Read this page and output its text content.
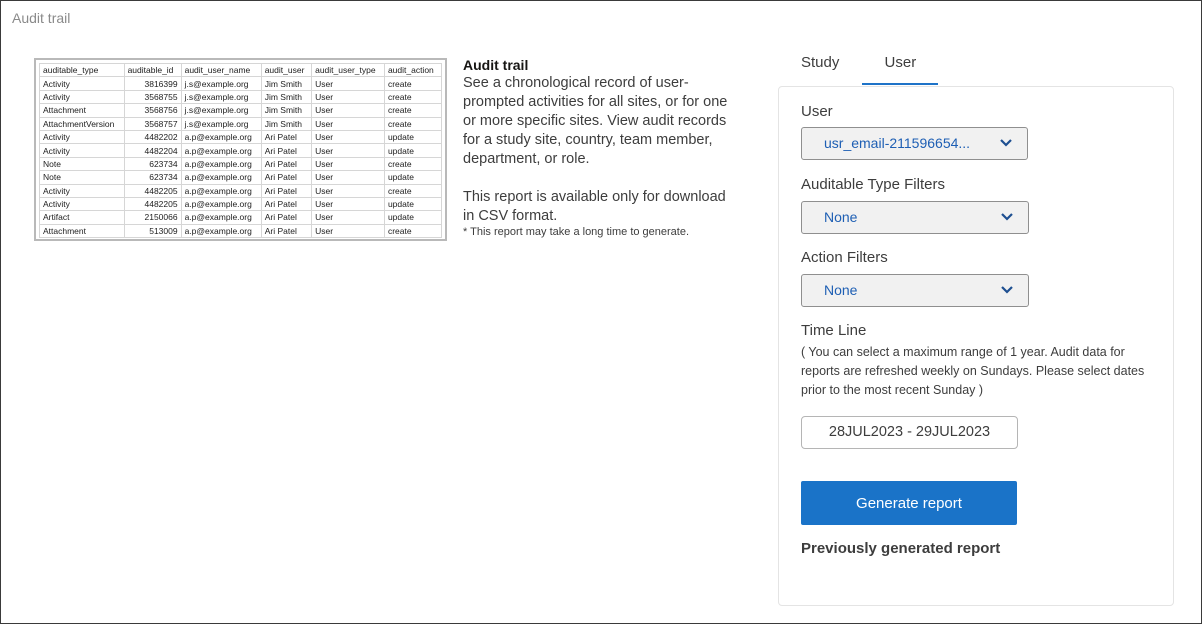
Audit trail
auditable_type	auditable_id	audit_user_name	audit_user	audit_user_type	audit_action
Activity	3816399	j.s@example.org	Jim Smith	User	create
Activity	3568755	j.s@example.org	Jim Smith	User	create
Attachment	3568756	j.s@example.org	Jim Smith	User	create
AttachmentVersion	3568757	j.s@example.org	Jim Smith	User	create
Activity	4482202	a.p@example.org	Ari Patel	User	update
Activity	4482204	a.p@example.org	Ari Patel	User	update
Note	623734	a.p@example.org	Ari Patel	User	create
Note	623734	a.p@example.org	Ari Patel	User	update
Activity	4482205	a.p@example.org	Ari Patel	User	create
Activity	4482205	a.p@example.org	Ari Patel	User	update
Artifact	2150066	a.p@example.org	Ari Patel	User	update
Attachment	513009	a.p@example.org	Ari Patel	User	create
Audit trail

See a chronological record of user-prompted activities for all sites, or for one or more specific sites. View audit records for a study site, country, team member, department, or role.

This report is available only for download in CSV format.

* This report may take a long time to generate.

Study	User
User
usr_email-211596654...
Auditable Type Filters
None
Action Filters
None
Time Line
( You can select a maximum range of 1 year. Audit data for reports are refreshed weekly on Sundays. Please select dates prior to the most recent Sunday )
28JUL2023 - 29JUL2023
Generate report
Previously generated report
